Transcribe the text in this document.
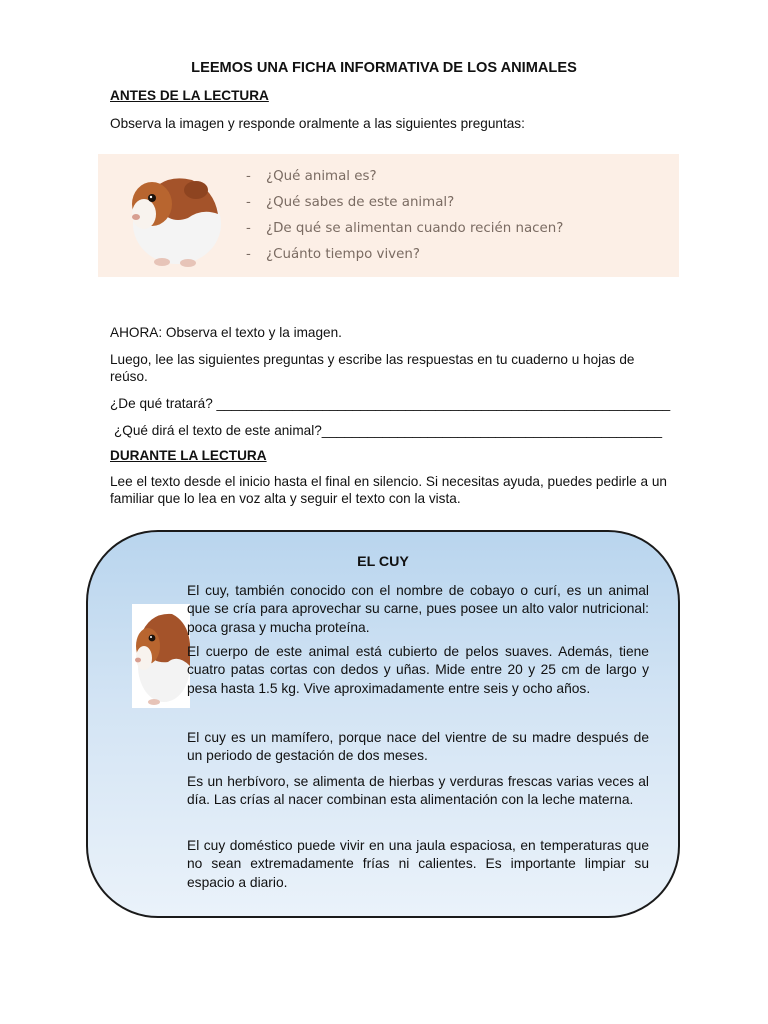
LEEMOS UNA FICHA INFORMATIVA DE LOS ANIMALES
ANTES DE LA LECTURA
Observa la imagen y responde oralmente a las siguientes preguntas:
- ¿Qué animal es?
- ¿Qué sabes de este animal?
- ¿De qué se alimentan cuando recién nacen?
- ¿Cuánto tiempo viven?
AHORA: Observa el texto y la imagen.
Luego, lee las siguientes preguntas y escribe las respuestas en tu cuaderno u hojas de
reúso.
¿De qué tratará? ____________________________________________________________
¿Qué dirá el texto de este animal?_____________________________________________
DURANTE LA LECTURA
Lee el texto desde el inicio hasta el final en silencio. Si necesitas ayuda, puedes pedirle a un
familiar que lo lea en voz alta y seguir el texto con la vista.
EL CUY
El cuy, también conocido con el nombre de cobayo o curí, es un animal que se cría para aprovechar su carne, pues posee un alto valor nutricional: poca grasa y mucha proteína.
El cuerpo de este animal está cubierto de pelos suaves. Además, tiene cuatro patas cortas con dedos y uñas. Mide entre 20 y 25 cm de largo y pesa hasta 1.5 kg. Vive aproximadamente entre seis y ocho años.
El cuy es un mamífero, porque nace del vientre de su madre después de un periodo de gestación de dos meses.
Es un herbívoro, se alimenta de hierbas y verduras frescas varias veces al día. Las crías al nacer combinan esta alimentación con la leche materna.
El cuy doméstico puede vivir en una jaula espaciosa, en temperaturas que no sean extremadamente frías ni calientes. Es importante limpiar su espacio a diario.
